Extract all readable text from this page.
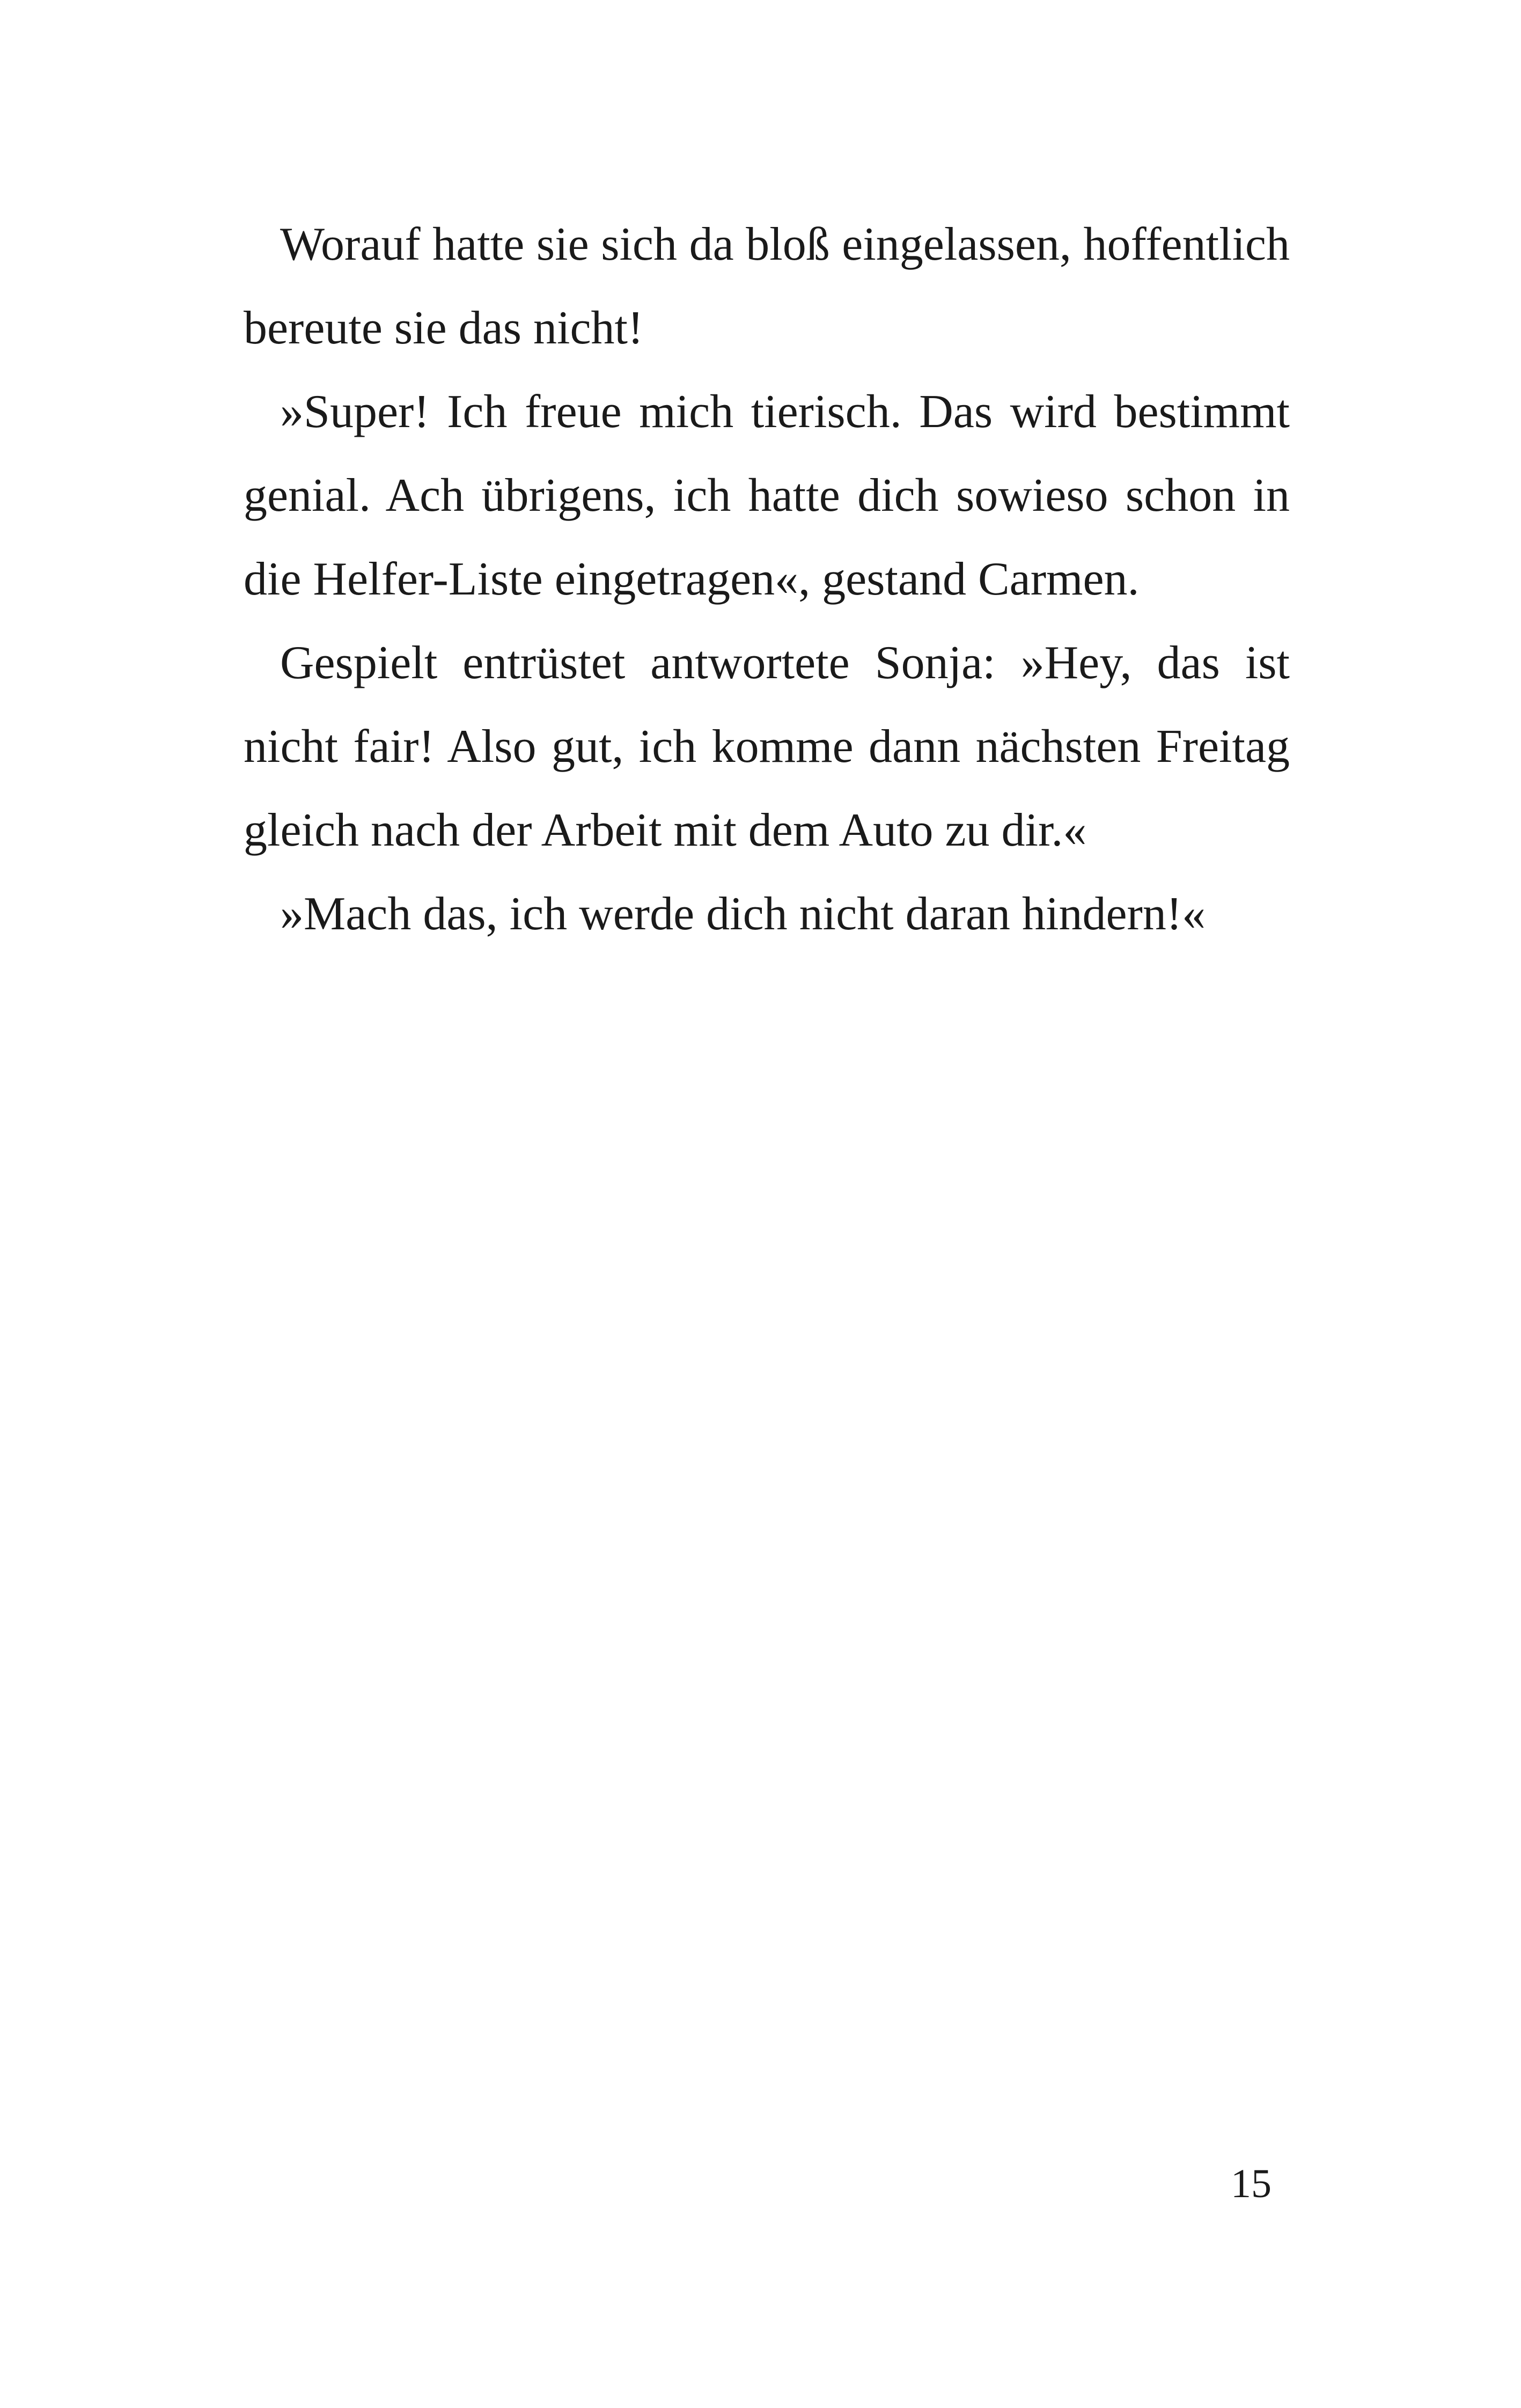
Worauf hatte sie sich da bloß eingelassen, hoffentlich bereute sie das nicht!

»Super! Ich freue mich tierisch. Das wird bestimmt genial. Ach übrigens, ich hatte dich sowieso schon in die Helfer-Liste eingetragen«, gestand Carmen.

Gespielt entrüstet antwortete Sonja: »Hey, das ist nicht fair! Also gut, ich komme dann nächsten Freitag gleich nach der Arbeit mit dem Auto zu dir.«

»Mach das, ich werde dich nicht daran hindern!«

15
